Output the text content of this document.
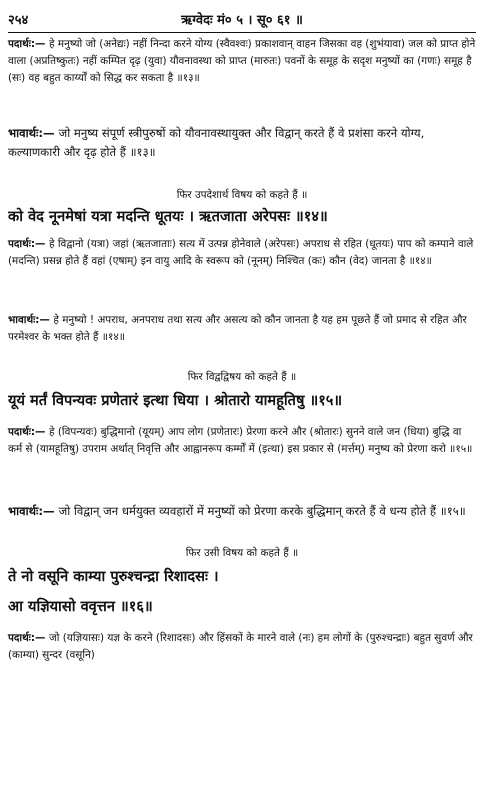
२५४	ऋग्वेदः मं० ५ । सू० ६१ ॥
पदार्थः:— हे मनुष्यो जो (अनेद्यः) नहीं निन्दा करने योग्य (स्वैवश्वः) प्रकाशवान् वाहन जिसका वह (शुभंयावा) जल को प्राप्त होने वाला (अप्रतिष्कुतः) नहीं कम्पित दृढ़ (युवा) यौवनावस्था को प्राप्त (मारुतः) पवनों के समूह के सदृश मनुष्यों का (गणः) समूह है (सः) वह बहुत कार्य्यों को सिद्ध कर सकता है ॥१३॥
भावार्थः:— जो मनुष्य संपूर्ण स्त्रीपुरुषों को यौवनावस्थायुक्त और विद्वान् करते हैं वे प्रशंसा करने योग्य, कल्याणकारी और दृढ़ होते हैं ॥१३॥
फिर उपदेशार्थ विषय को कहते हैं ॥
को वेद नूनमेषां यत्रा मदन्ति धूतयः । ऋतजाता अरेपसः ॥१४॥
पदार्थः:— हे विद्वानो (यत्रा) जहां (ऋतजाताः) सत्य में उत्पन्न होनेवाले (अरेपसः) अपराध से रहित (धूतयः) पाप को कम्पाने वाले (मदन्ति) प्रसन्न होते हैं वहां (एषाम्) इन वायु आदि के स्वरूप को (नूनम्) निश्चित (कः) कौन (वेद) जानता है ॥१४॥
भावार्थः:— हे मनुष्यो ! अपराध, अनपराध तथा सत्य और असत्य को कौन जानता है यह हम पूछते हैं जो प्रमाद से रहित और परमेश्वर के भक्त होते हैं ॥१४॥
फिर विद्वद्विषय को कहते हैं ॥
यूयं मर्तं विपन्यवः प्रणेतारं इत्था धिया । श्रोतारो यामहूतिषु ॥१५॥
पदार्थः:— हे (विपन्यवः) बुद्धिमानो (यूयम्) आप लोग (प्रणेतारः) प्रेरणा करने और (श्रोतारः) सुनने वाले जन (धिया) बुद्धि वा कर्म से (यामहूतिषु) उपराम अर्थात् निवृत्ति और आह्वानरूप कर्म्मों में (इत्था) इस प्रकार से (मर्त्तम्) मनुष्य को प्रेरणा करो ॥१५॥
भावार्थः:— जो विद्वान् जन धर्मयुक्त व्यवहारों में मनुष्यों को प्रेरणा करके बुद्धिमान् करते हैं वे धन्य होते हैं ॥१५॥
फिर उसी विषय को कहते हैं ॥
ते नो वसूनि काम्या पुरुश्चन्द्रा रिशादसः ।
आ यज्ञियासो ववृत्तन ॥१६॥
पदार्थः:— जो (यज्ञियासः) यज्ञ के करने (रिशादसः) और हिंसकों के मारने वाले (नः) हम लोगों के (पुरुश्चन्द्राः) बहुत सुवर्ण और (काम्या) सुन्दर (वसूनि)
